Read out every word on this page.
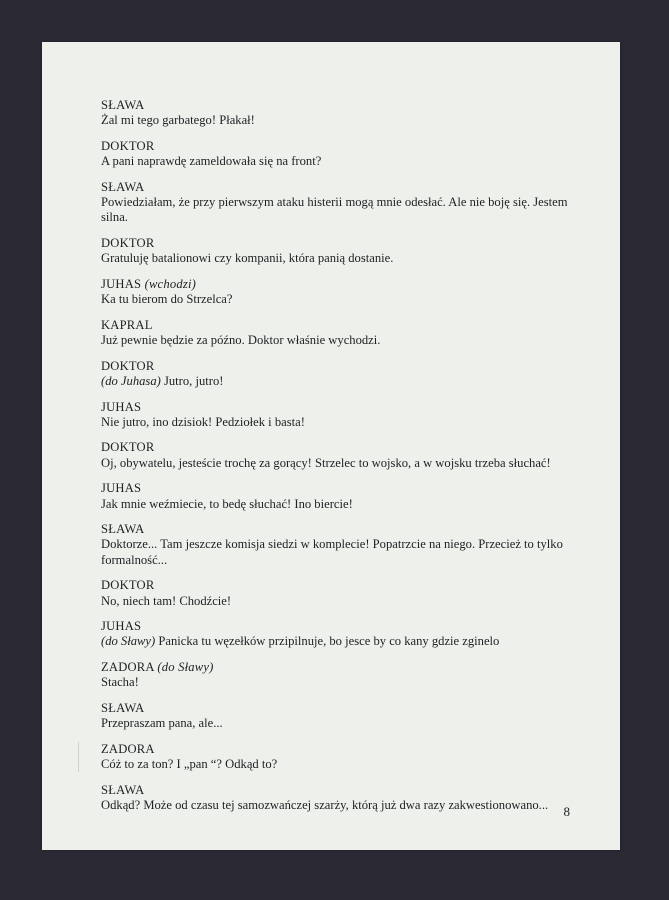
SŁAWA
Żal mi tego garbatego! Płakał!
DOKTOR
A pani naprawdę zameldowała się na front?
SŁAWA
Powiedziałam, że przy pierwszym ataku histerii mogą mnie odesłać. Ale nie boję się. Jestem silna.
DOKTOR
Gratuluję batalionowi czy kompanii, która panią dostanie.
JUHAS (wchodzi)
Ka tu bierom do Strzelca?
KAPRAL
Już pewnie będzie za późno. Doktor właśnie wychodzi.
DOKTOR
(do Juhasa) Jutro, jutro!
JUHAS
Nie jutro, ino dzisiok! Pedziołek i basta!
DOKTOR
Oj, obywatelu, jesteście trochę za gorący! Strzelec to wojsko, a w wojsku trzeba słuchać!
JUHAS
Jak mnie weźmiecie, to bedę słuchać! Ino biercie!
SŁAWA
Doktorze... Tam jeszcze komisja siedzi w komplecie! Popatrzcie na niego. Przecież to tylko formalność...
DOKTOR
No, niech tam! Chodźcie!
JUHAS
(do Sławy) Panicka tu węzełków przipilnuje, bo jesce by co kany gdzie zginelo
ZADORA (do Sławy)
Stacha!
SŁAWA
Przepraszam pana, ale...
ZADORA
Cóż to za ton? I „pan “? Odkąd to?
SŁAWA
Odkąd? Może od czasu tej samozwańczej szarży, którą już dwa razy zakwestionowano...	8
